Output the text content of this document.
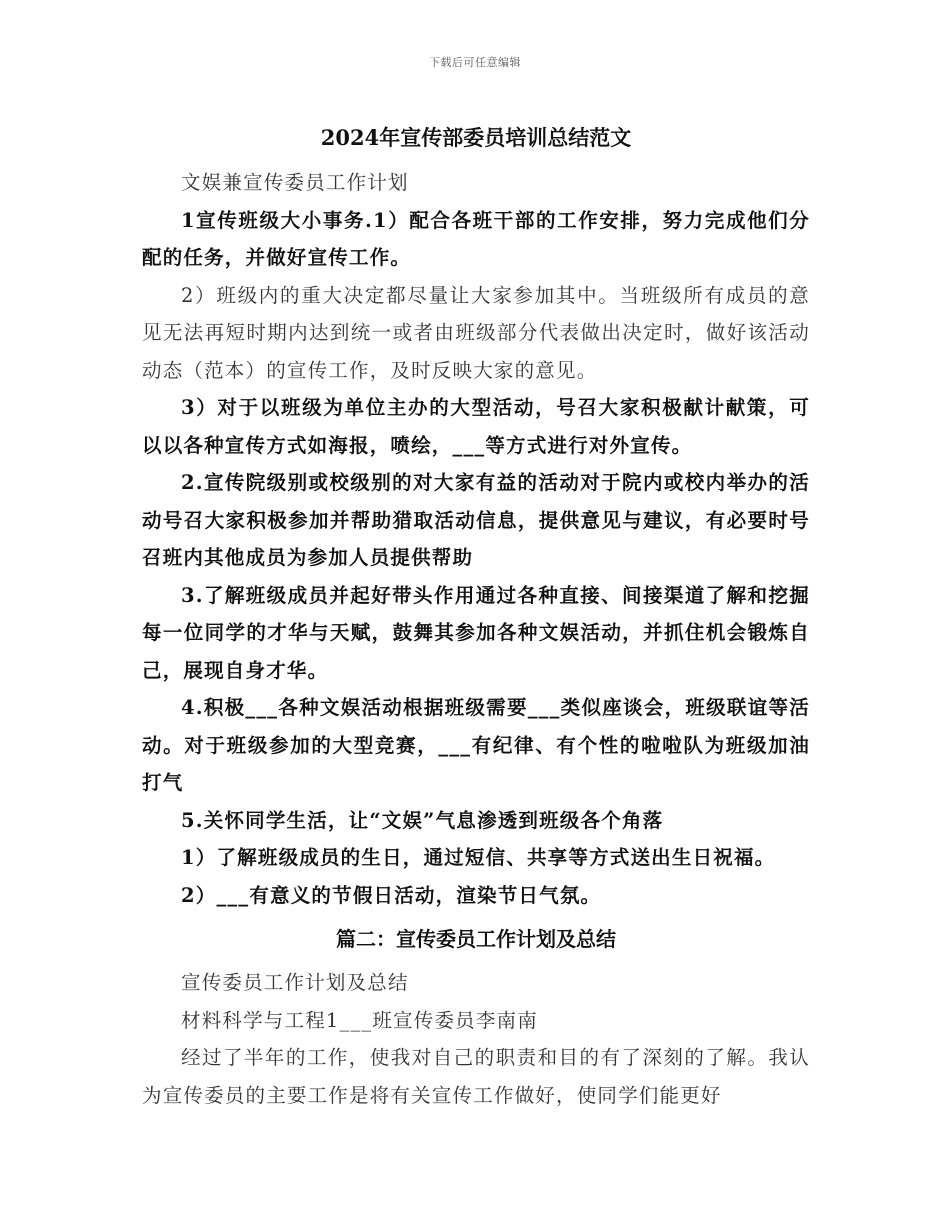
下载后可任意编辑
2024年宣传部委员培训总结范文

文娱兼宣传委员工作计划

1宣传班级大小事务.1）配合各班干部的工作安排，努力完成他们分配的任务，并做好宣传工作。

2）班级内的重大决定都尽量让大家参加其中。当班级所有成员的意见无法再短时期内达到统一或者由班级部分代表做出决定时，做好该活动动态（范本）的宣传工作，及时反映大家的意见。

3）对于以班级为单位主办的大型活动，号召大家积极献计献策，可以以各种宣传方式如海报，喷绘，___等方式进行对外宣传。

2.宣传院级别或校级别的对大家有益的活动对于院内或校内举办的活动号召大家积极参加并帮助猎取活动信息，提供意见与建议，有必要时号召班内其他成员为参加人员提供帮助

3.了解班级成员并起好带头作用通过各种直接、间接渠道了解和挖掘每一位同学的才华与天赋，鼓舞其参加各种文娱活动，并抓住机会锻炼自己，展现自身才华。

4.积极___各种文娱活动根据班级需要___类似座谈会，班级联谊等活动。对于班级参加的大型竞赛，___有纪律、有个性的啦啦队为班级加油打气

5.关怀同学生活，让“文娱”气息渗透到班级各个角落

1）了解班级成员的生日，通过短信、共享等方式送出生日祝福。

2）___有意义的节假日活动，渲染节日气氛。

篇二：宣传委员工作计划及总结

宣传委员工作计划及总结

材料科学与工程1___班宣传委员李南南

经过了半年的工作，使我对自己的职责和目的有了深刻的了解。我认为宣传委员的主要工作是将有关宣传工作做好，使同学们能更好
